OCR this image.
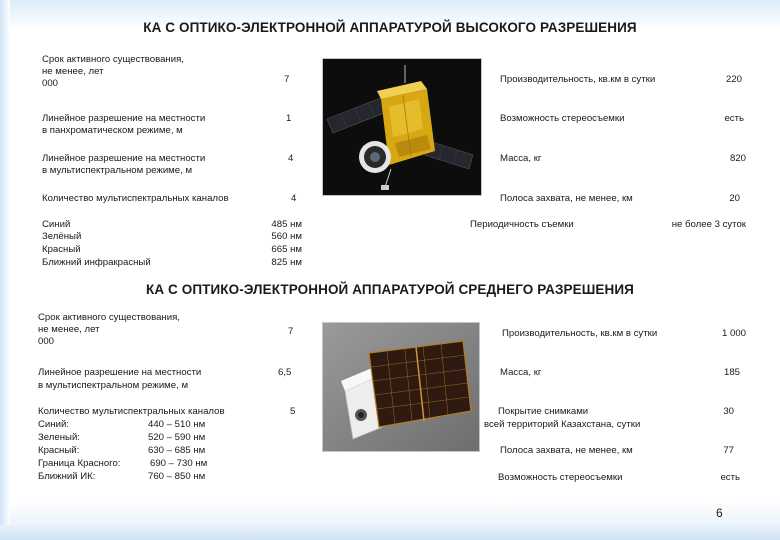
КА С ОПТИКО-ЭЛЕКТРОННОЙ АППАРАТУРОЙ ВЫСОКОГО РАЗРЕШЕНИЯ
Срок активного существования,
не менее, лет
000	7
Линейное разрешение на местности
в панхроматическом режиме, м
1
Линейное разрешение на местности
в мультиспектральном режиме, м
4
Количество мультиспектральных каналов	4
Синий	485 нм
Зелёный	560 нм
Красный	665 нм
Ближний инфракрасный	825 нм
Производительность, кв.км в сутки	220
Возможность стереосъемки	есть
Масса, кг	820
Полоса захвата, не менее, км	20
Периодичность съемки	не более 3 суток
КА С ОПТИКО-ЭЛЕКТРОННОЙ АППАРАТУРОЙ СРЕДНЕГО РАЗРЕШЕНИЯ
Срок активного существования,
не менее, лет
000
7
Линейное разрешение на местности
в мультиспектральном режиме, м
6,5
Количество мультиспектральных каналов	5
Синий:	440 – 510 нм
Зеленый:	520 – 590 нм
Красный:	630 – 685 нм
Граница Красного:	690 – 730 нм
Ближний ИК:	760 – 850 нм
Производительность, кв.км в сутки	1 000
Масса, кг	185
Покрытие снимками
всей территорий Казахстана, сутки
30
Полоса захвата, не менее, км	77
Возможность стереосъемки	есть
6
